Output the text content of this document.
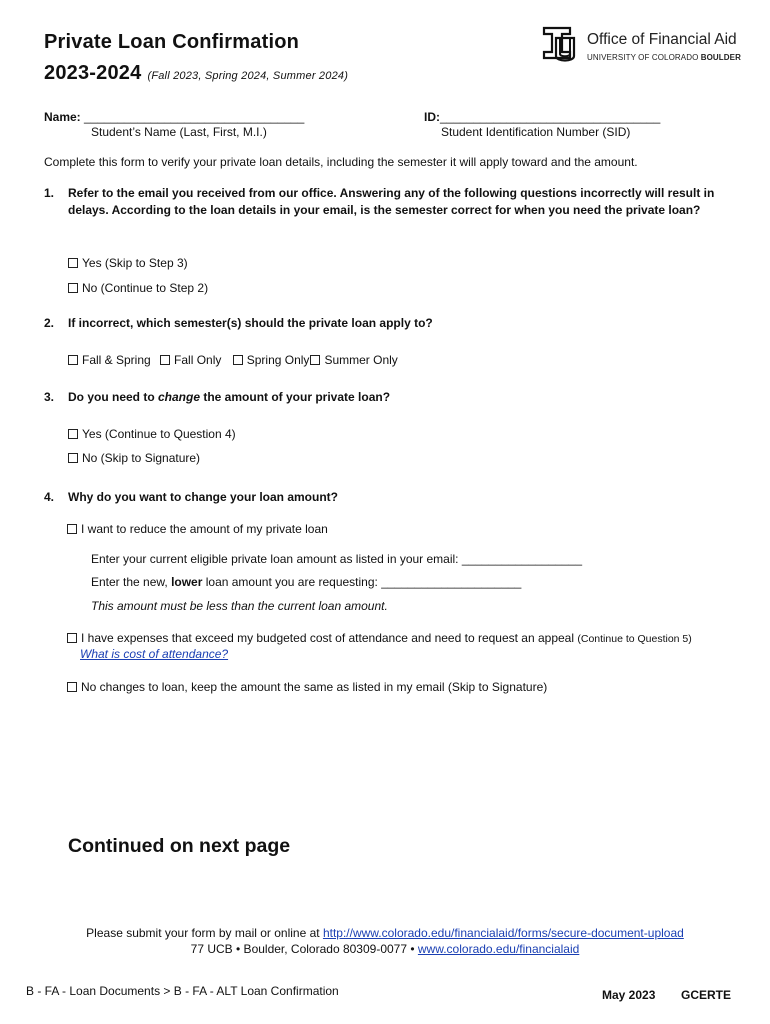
Private Loan Confirmation
2023-2024 (Fall 2023, Spring 2024, Summer 2024)
Office of Financial Aid
UNIVERSITY OF COLORADO BOULDER
Name: _________________________________
Student’s Name (Last, First, M.I.)
ID:_________________________________
Student Identification Number (SID)
Complete this form to verify your private loan details, including the semester it will apply toward and the amount.
1. Refer to the email you received from our office. Answering any of the following questions incorrectly will result in delays. According to the loan details in your email, is the semester correct for when you need the private loan?
Yes (Skip to Step 3)
No (Continue to Step 2)
2. If incorrect, which semester(s) should the private loan apply to?
Fall & Spring Fall Only Spring Only Summer Only
3. Do you need to change the amount of your private loan?
Yes (Continue to Question 4)
No (Skip to Signature)
4. Why do you want to change your loan amount?
I want to reduce the amount of my private loan
Enter your current eligible private loan amount as listed in your email: __________________
Enter the new, lower loan amount you are requesting: _____________________
This amount must be less than the current loan amount.
I have expenses that exceed my budgeted cost of attendance and need to request an appeal (Continue to Question 5)
What is cost of attendance?
No changes to loan, keep the amount the same as listed in my email (Skip to Signature)
Continued on next page
Please submit your form by mail or online at http://www.colorado.edu/financialaid/forms/secure-document-upload
77 UCB • Boulder, Colorado 80309-0077 • www.colorado.edu/financialaid
B - FA - Loan Documents > B - FA - ALT Loan Confirmation	May 2023 GCERTE
